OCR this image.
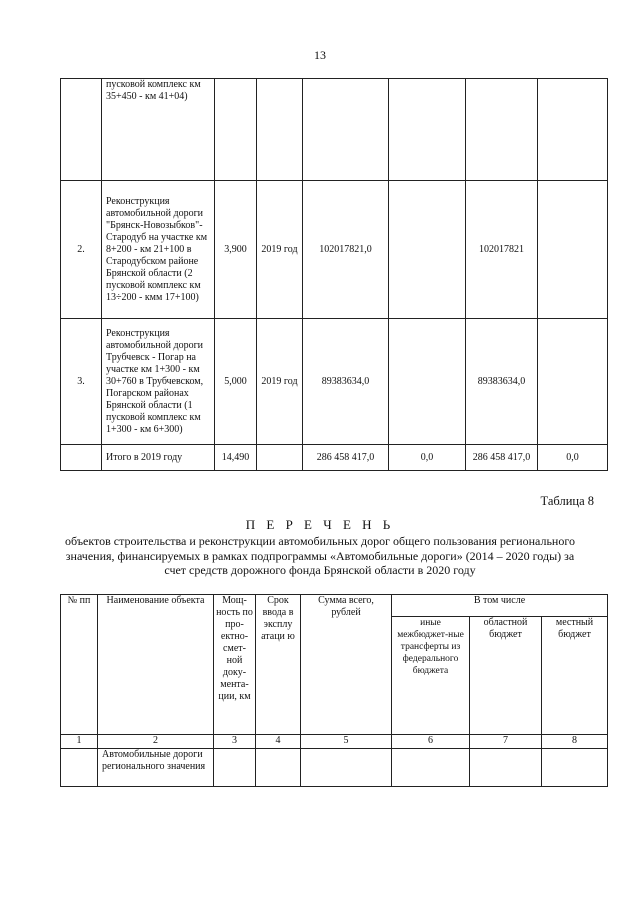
13
	пусковой комплекс км 35+450 - км 41+04)						
2.	Реконструкция автомобильной дороги "Брянск-Новозыбков"-Стародуб на участке км 8+200 - км 21+100 в Стародубском районе Брянской области (2 пусковой комплекс км 13÷200 - кмм 17+100)	3,900	2019 год	102017821,0		102017821	
3.	Реконструкция автомобильной дороги Трубчевск - Погар на участке км 1+300 - км 30+760 в Трубчевском, Погарском районах Брянской области (1 пусковой комплекс км 1+300 - км 6+300)	5,000	2019 год	89383634,0		89383634,0	
	Итого в 2019 году	14,490		286 458 417,0	0,0	286 458 417,0	0,0
Таблица 8
П Е Р Е Ч Е Н Ь
объектов строительства и реконструкции автомобильных дорог общего пользования регионального значения, финансируемых в рамках подпрограммы «Автомобильные дороги» (2014 – 2020 годы) за счет средств дорожного фонда Брянской области в 2020 году
№ пп	Наименование объекта	Мощ-ность по про-ектно-смет-ной доку-мента-ции, км	Срок ввода в эксплу атаци ю	Сумма всего, рублей	В том числе		
					иные межбюджет-ные трансферты из федерального бюджета	областной бюджет	местный бюджет
1	2	3	4	5	6	7	8
	Автомобильные дороги регионального значения						
